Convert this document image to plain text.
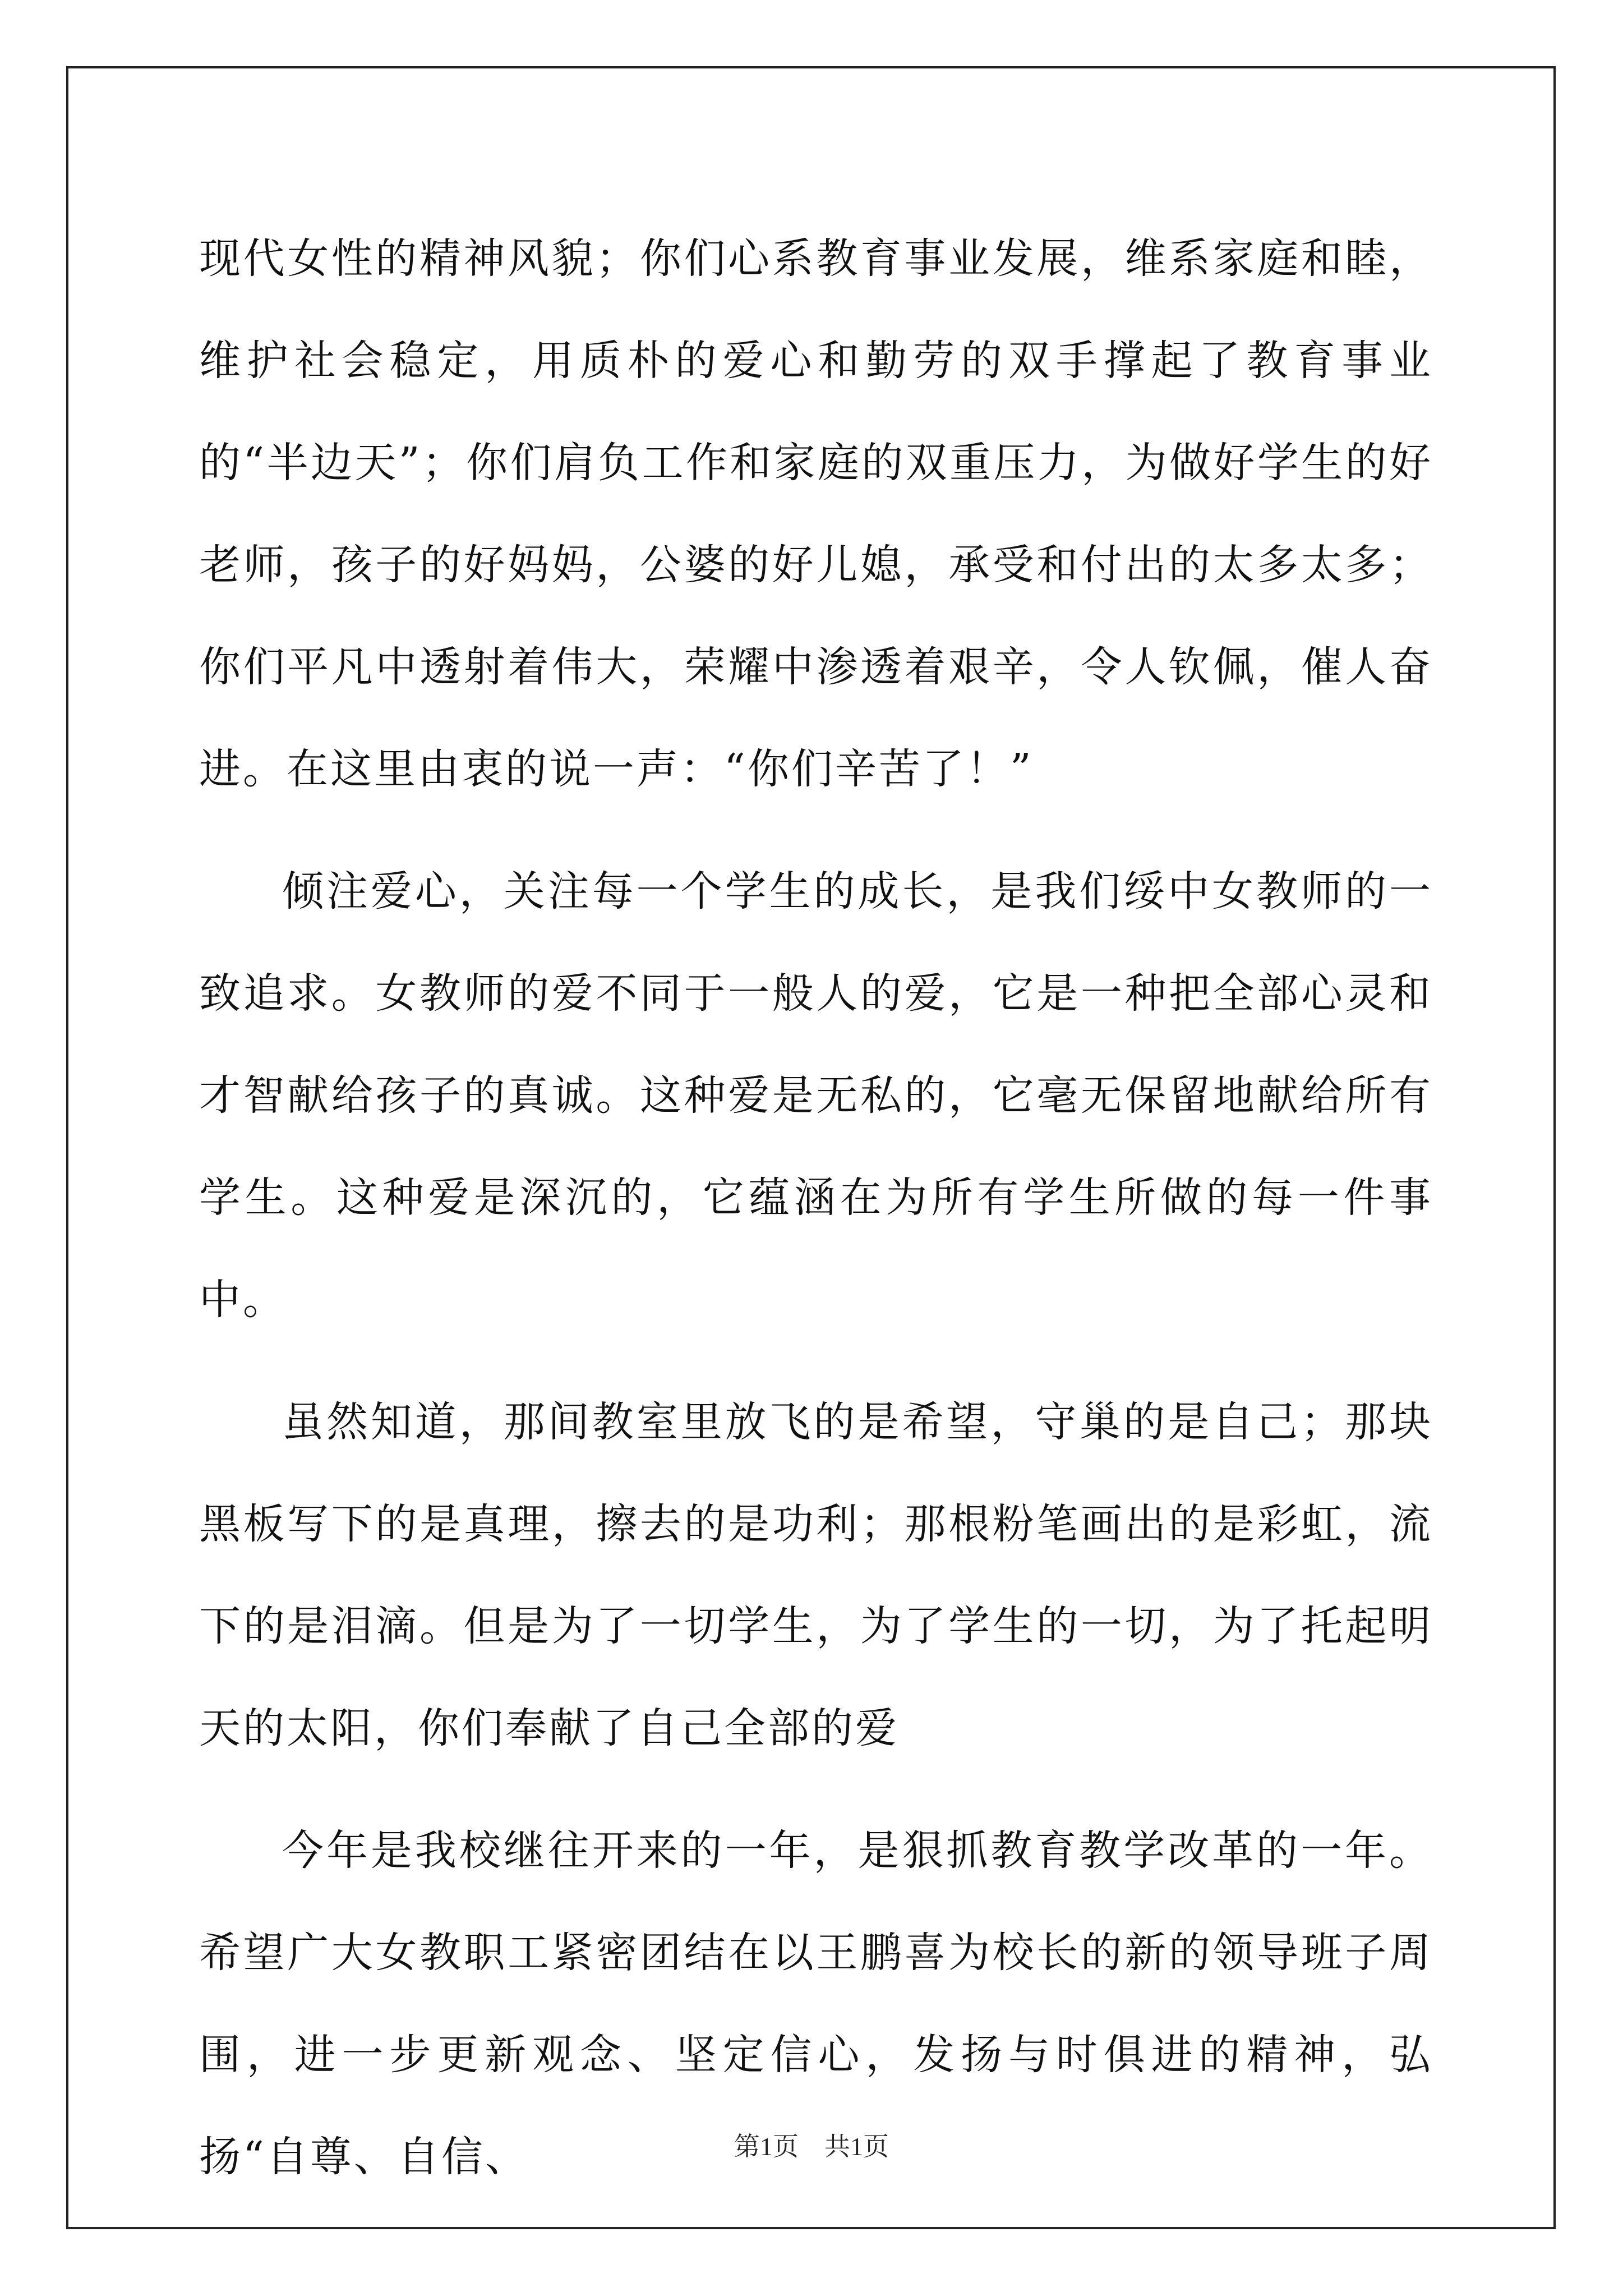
现代女性的精神风貌；你们心系教育事业发展，维系家庭和睦，维护社会稳定，用质朴的爱心和勤劳的双手撑起了教育事业的“半边天”；你们肩负工作和家庭的双重压力，为做好学生的好老师，孩子的好妈妈，公婆的好儿媳，承受和付出的太多太多；你们平凡中透射着伟大，荣耀中渗透着艰辛，令人钦佩，催人奋进。在这里由衷的说一声：“你们辛苦了！”

倾注爱心，关注每一个学生的成长，是我们绥中女教师的一致追求。女教师的爱不同于一般人的爱，它是一种把全部心灵和才智献给孩子的真诚。这种爱是无私的，它毫无保留地献给所有学生。这种爱是深沉的，它蕴涵在为所有学生所做的每一件事中。

虽然知道，那间教室里放飞的是希望，守巢的是自己；那块黑板写下的是真理，擦去的是功利；那根粉笔画出的是彩虹，流下的是泪滴。但是为了一切学生，为了学生的一切，为了托起明天的太阳，你们奉献了自己全部的爱

今年是我校继往开来的一年，是狠抓教育教学改革的一年。希望广大女教职工紧密团结在以王鹏喜为校长的新的领导班子周围，进一步更新观念、坚定信心，发扬与时俱进的精神，弘扬“自尊、自信、	第1页　共1页
